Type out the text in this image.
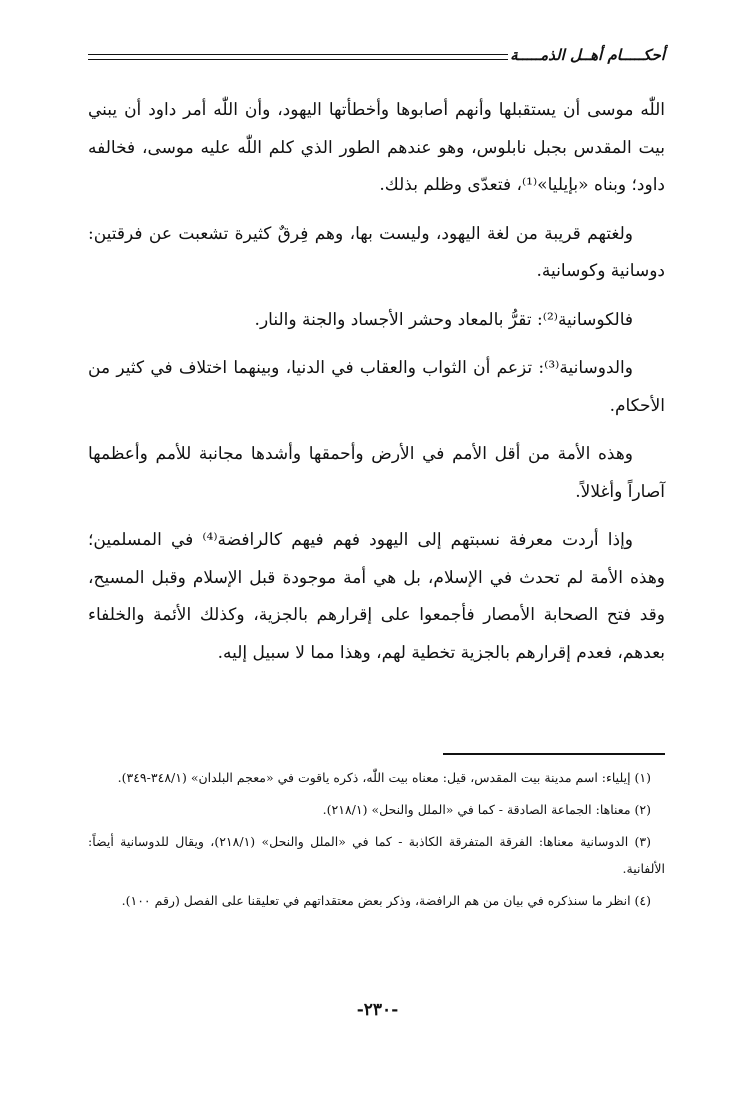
أحكـــــام أهــل الذمـــــة

اللّٰه موسى أن يستقبلها وأنهم أصابوها وأخطأتها اليهود، وأن اللّٰه أمر داود أن يبني بيت المقدس بجبل نابلوس، وهو عندهم الطور الذي كلم اللّٰه عليه موسى، فخالفه داود؛ وبناه «بإيليا»⁽¹⁾، فتعدّى وظلم بذلك.

ولغتهم قريبة من لغة اليهود، وليست بها، وهم فِرقٌ كثيرة تشعبت عن فرقتين: دوسانية وكوسانية.

فالكوسانية⁽²⁾: تقرُّ بالمعاد وحشر الأجساد والجنة والنار.

والدوسانية⁽³⁾: تزعم أن الثواب والعقاب في الدنيا، وبينهما اختلاف في كثير من الأحكام.

وهذه الأمة من أقل الأمم في الأرض وأحمقها وأشدها مجانبة للأمم وأعظمها آصاراً وأغلالاً.

وإذا أردت معرفة نسبتهم إلى اليهود فهم فيهم كالرافضة⁽⁴⁾ في المسلمين؛ وهذه الأمة لم تحدث في الإسلام، بل هي أمة موجودة قبل الإسلام وقبل المسيح، وقد فتح الصحابة الأمصار فأجمعوا على إقرارهم بالجزية، وكذلك الأئمة والخلفاء بعدهم، فعدم إقرارهم بالجزية تخطية لهم، وهذا مما لا سبيل إليه.

(١) إيلياء: اسم مدينة بيت المقدس، قيل: معناه بيت اللّٰه، ذكره ياقوت في «معجم البلدان» (٣٤٨/١-٣٤٩).

(٢) معناها: الجماعة الصادقة - كما في «الملل والنحل» (٢١٨/١).

(٣) الدوسانية معناها: الفرقة المتفرقة الكاذبة - كما في «الملل والنحل» (٢١٨/١)، ويقال للدوسانية أيضاً: الألفانية.

(٤) انظر ما سنذكره في بيان من هم الرافضة، وذكر بعض معتقداتهم في تعليقنا على الفصل (رقم ١٠٠).

-٢٣٠-
